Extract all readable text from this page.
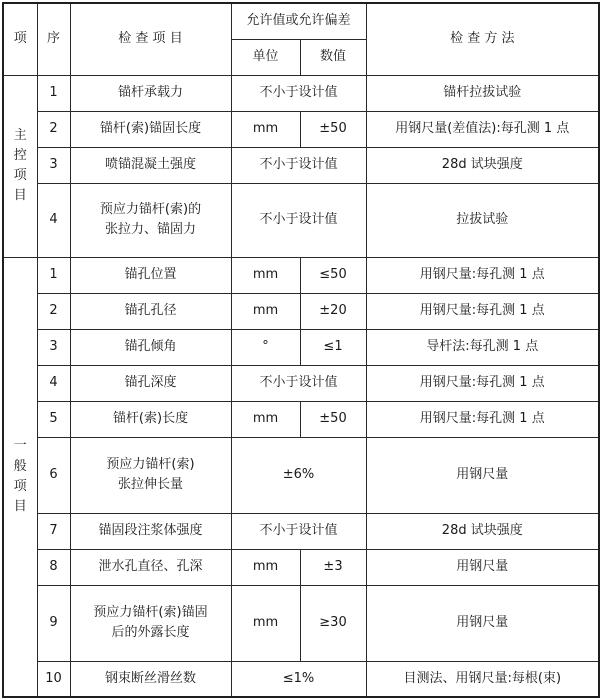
项	序	检 查 项 目	允许值或允许偏差		检 查 方 法
			单位	数值	

主
控
项
目	1	锚杆承载力	不小于设计值		锚杆拉拔试验
	2	锚杆(索)锚固长度	mm	±50	用钢尺量(差值法):每孔测 1 点
	3	喷锚混凝土强度	不小于设计值		28d 试块强度
	4	预应力锚杆(索)的
张拉力、锚固力	不小于设计值		拉拔试验

一
般
项
目	1	锚孔位置	mm	≤50	用钢尺量:每孔测 1 点
	2	锚孔孔径	mm	±20	用钢尺量:每孔测 1 点
	3	锚孔倾角	°	≤1	导杆法:每孔测 1 点
	4	锚孔深度	不小于设计值		用钢尺量:每孔测 1 点
	5	锚杆(索)长度	mm	±50	用钢尺量:每孔测 1 点
	6	预应力锚杆(索)
张拉伸长量	±6%		用钢尺量
	7	锚固段注浆体强度	不小于设计值		28d 试块强度
	8	泄水孔直径、孔深	mm	±3	用钢尺量
	9	预应力锚杆(索)锚固
后的外露长度	mm	≥30	用钢尺量
	10	钢束断丝滑丝数	≤1%		目测法、用钢尺量:每根(束)
